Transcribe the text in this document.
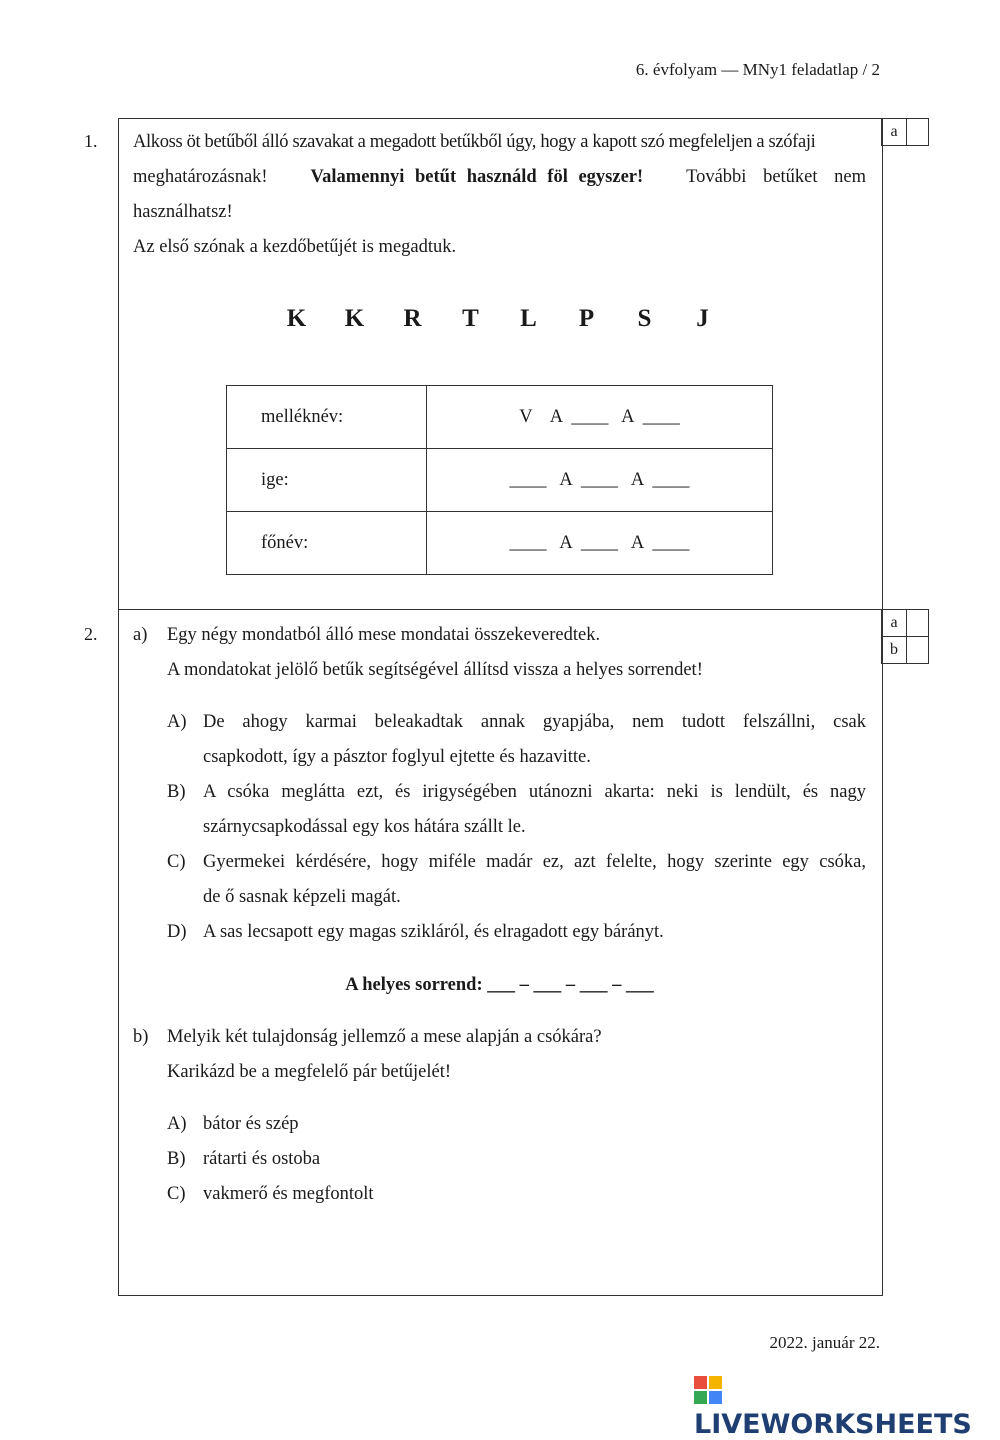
6. évfolyam — MNy1 feladatlap / 2
a
a
b
1. Alkoss öt betűből álló szavakat a megadott betűkből úgy, hogy a kapott szó megfeleljen a szófaji
meghatározásnak! Valamennyi betűt használd föl egyszer! További betűket nem
használhatsz!
Az első szónak a kezdőbetűjét is megadtuk.
K K R T L P S J
melléknév:	V    A  ____   A  ____
ige:	____   A  ____   A  ____
főnév:	____   A  ____   A  ____
2. a) Egy négy mondatból álló mese mondatai összekeveredtek.
A mondatokat jelölő betűk segítségével állítsd vissza a helyes sorrendet!
A) De ahogy karmai beleakadtak annak gyapjába, nem tudott felszállni, csak
csapkodott, így a pásztor foglyul ejtette és hazavitte.
B) A csóka meglátta ezt, és irigységében utánozni akarta: neki is lendült, és nagy
szárnycsapkodással egy kos hátára szállt le.
C) Gyermekei kérdésére, hogy miféle madár ez, azt felelte, hogy szerinte egy csóka,
de ő sasnak képzeli magát.
D) A sas lecsapott egy magas szikláról, és elragadott egy bárányt.
A helyes sorrend: ___ – ___ – ___ – ___
b) Melyik két tulajdonság jellemző a mese alapján a csókára?
Karikázd be a megfelelő pár betűjelét!
A) bátor és szép
B) rátarti és ostoba
C) vakmerő és megfontolt
2022. január 22.
LIVEWORKSHEETS
